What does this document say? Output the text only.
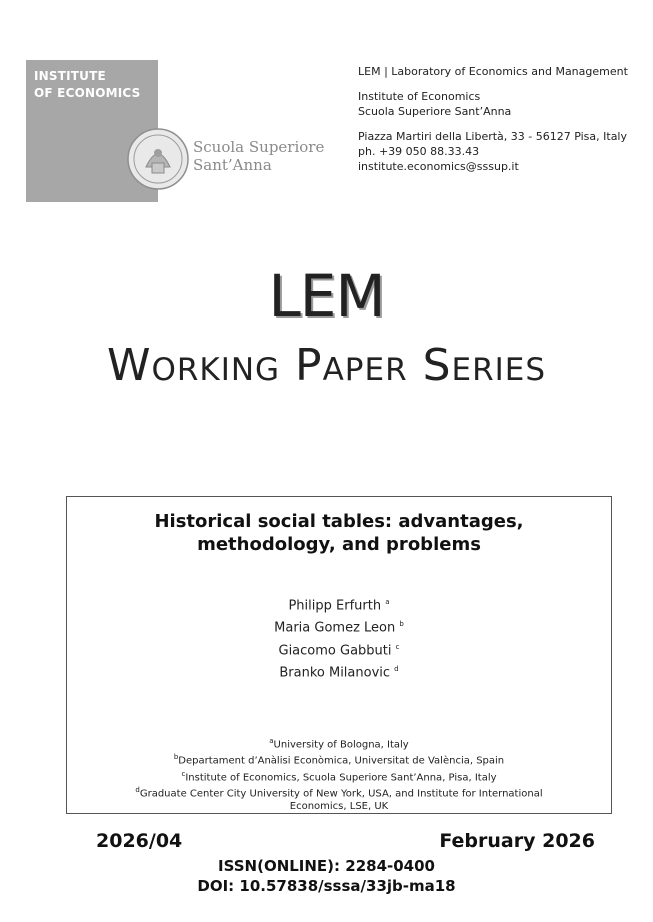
INSTITUTE
OF ECONOMICS
Scuola Superiore
Sant’Anna
LEM | Laboratory of Economics and Management
Institute of Economics
Scuola Superiore Sant’Anna
Piazza Martiri della Libertà, 33 - 56127 Pisa, Italy
ph. +39 050 88.33.43
institute.economics@sssup.it
LEM
Working Paper Series
Historical social tables: advantages,
methodology, and problems
Philipp Erfurth $^a$
Maria Gomez Leon $^b$
Giacomo Gabbuti $^c$
Branko Milanovic $^d$
$^a$University of Bologna, Italy
$^b$Departament d’Anàlisi Econòmica, Universitat de València, Spain
$^c$Institute of Economics, Scuola Superiore Sant’Anna, Pisa, Italy
$^d$Graduate Center City University of New York, USA, and Institute for International
Economics, LSE, UK
2026/04	February 2026
ISSN(ONLINE): 2284-0400
DOI: 10.57838/sssa/33jb-ma18
